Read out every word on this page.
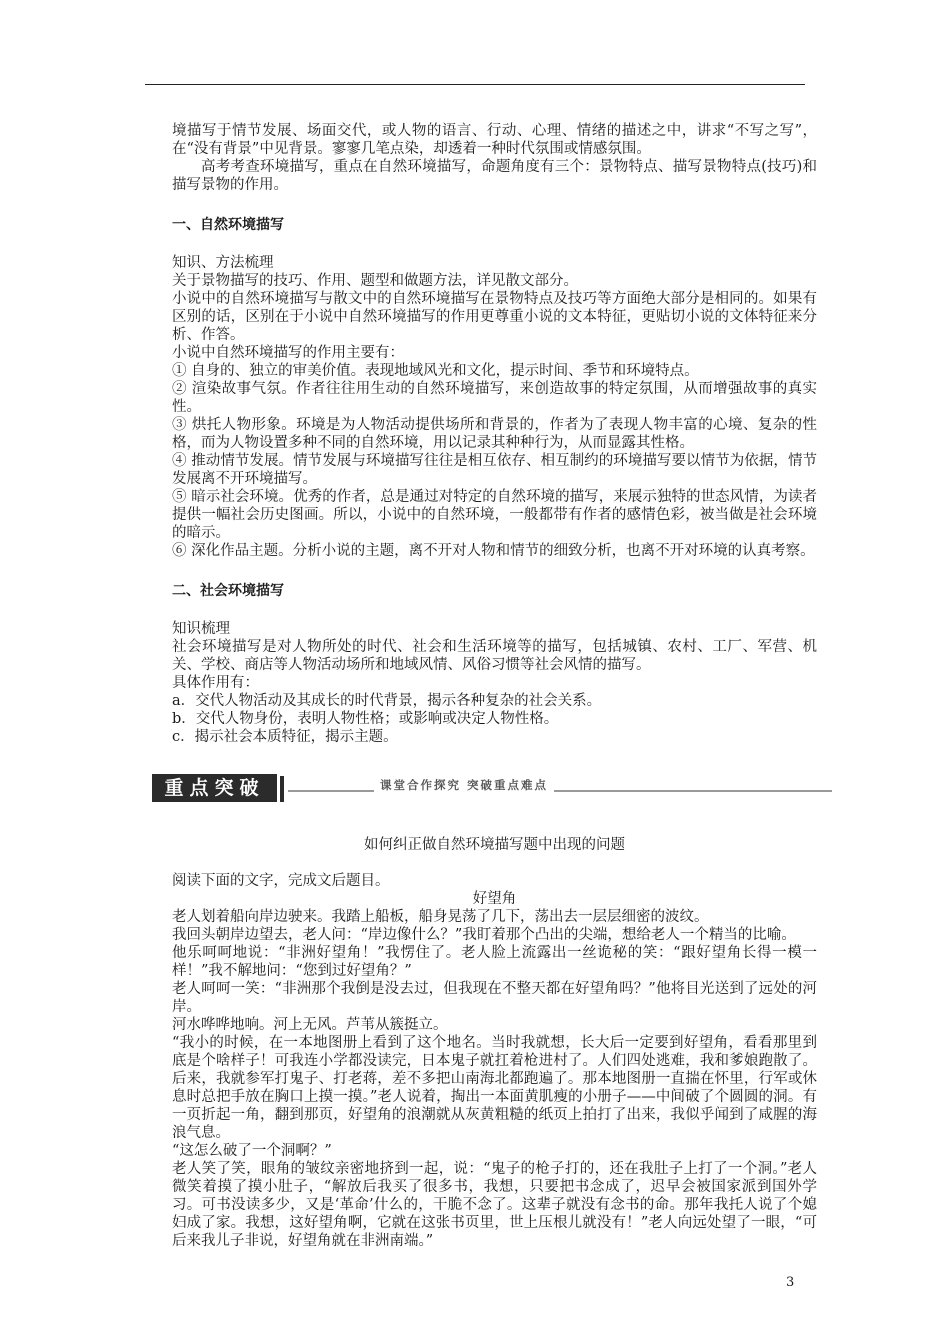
境描写于情节发展、场面交代，或人物的语言、行动、心理、情绪的描述之中，讲求“不写之写”，在“没有背景”中见背景。寥寥几笔点染，却透着一种时代氛围或情感氛围。

高考考查环境描写，重点在自然环境描写，命题角度有三个：景物特点、描写景物特点(技巧)和描写景物的作用。

一、自然环境描写

知识、方法梳理

关于景物描写的技巧、作用、题型和做题方法，详见散文部分。

小说中的自然环境描写与散文中的自然环境描写在景物特点及技巧等方面绝大部分是相同的。如果有区别的话，区别在于小说中自然环境描写的作用更尊重小说的文本特征，更贴切小说的文体特征来分析、作答。

小说中自然环境描写的作用主要有：

① 自身的、独立的审美价值。表现地域风光和文化，提示时间、季节和环境特点。

② 渲染故事气氛。作者往往用生动的自然环境描写，来创造故事的特定氛围，从而增强故事的真实性。

③ 烘托人物形象。环境是为人物活动提供场所和背景的，作者为了表现人物丰富的心境、复杂的性格，而为人物设置多种不同的自然环境，用以记录其种种行为，从而显露其性格。

④ 推动情节发展。情节发展与环境描写往往是相互依存、相互制约的环境描写要以情节为依据，情节发展离不开环境描写。

⑤ 暗示社会环境。优秀的作者，总是通过对特定的自然环境的描写，来展示独特的世态风情，为读者提供一幅社会历史图画。所以，小说中的自然环境，一般都带有作者的感情色彩，被当做是社会环境的暗示。

⑥ 深化作品主题。分析小说的主题，离不开对人物和情节的细致分析，也离不开对环境的认真考察。

二、社会环境描写

知识梳理

社会环境描写是对人物所处的时代、社会和生活环境等的描写，包括城镇、农村、工厂、军营、机关、学校、商店等人物活动场所和地域风情、风俗习惯等社会风情的描写。

具体作用有：

a．交代人物活动及其成长的时代背景，揭示各种复杂的社会关系。

b．交代人物身份，表明人物性格；或影响或决定人物性格。

c．揭示社会本质特征，揭示主题。

重点突破	课堂合作探究 突破重点难点

如何纠正做自然环境描写题中出现的问题

阅读下面的文字，完成文后题目。

好望角

老人划着船向岸边驶来。我踏上船板，船身晃荡了几下，荡出去一层层细密的波纹。

我回头朝岸边望去，老人问：“岸边像什么？”我盯着那个凸出的尖端，想给老人一个精当的比喻。

他乐呵呵地说：“非洲好望角！”我愣住了。老人脸上流露出一丝诡秘的笑：“跟好望角长得一模一样！”我不解地问：“您到过好望角？”

老人呵呵一笑：“非洲那个我倒是没去过，但我现在不整天都在好望角吗？”他将目光送到了远处的河岸。

河水哗哗地响。河上无风。芦苇从簇挺立。

“我小的时候，在一本地图册上看到了这个地名。当时我就想，长大后一定要到好望角，看看那里到底是个啥样子！可我连小学都没读完，日本鬼子就扛着枪进村了。人们四处逃难，我和爹娘跑散了。后来，我就参军打鬼子、打老蒋，差不多把山南海北都跑遍了。那本地图册一直揣在怀里，行军或休息时总把手放在胸口上摸一摸。”老人说着，掏出一本面黄肌瘦的小册子——中间破了个圆圆的洞。有一页折起一角，翻到那页，好望角的浪潮就从灰黄粗糙的纸页上拍打了出来，我似乎闻到了咸腥的海浪气息。

“这怎么破了一个洞啊？”

老人笑了笑，眼角的皱纹亲密地挤到一起，说：“鬼子的枪子打的，还在我肚子上打了一个洞。”老人微笑着摸了摸小肚子，“解放后我买了很多书，我想，只要把书念成了，迟早会被国家派到国外学习。可书没读多少，又是‘革命’什么的，干脆不念了。这辈子就没有念书的命。那年我托人说了个媳妇成了家。我想，这好望角啊，它就在这张书页里，世上压根儿就没有！”老人向远处望了一眼，“可后来我儿子非说，好望角就在非洲南端。”

3
